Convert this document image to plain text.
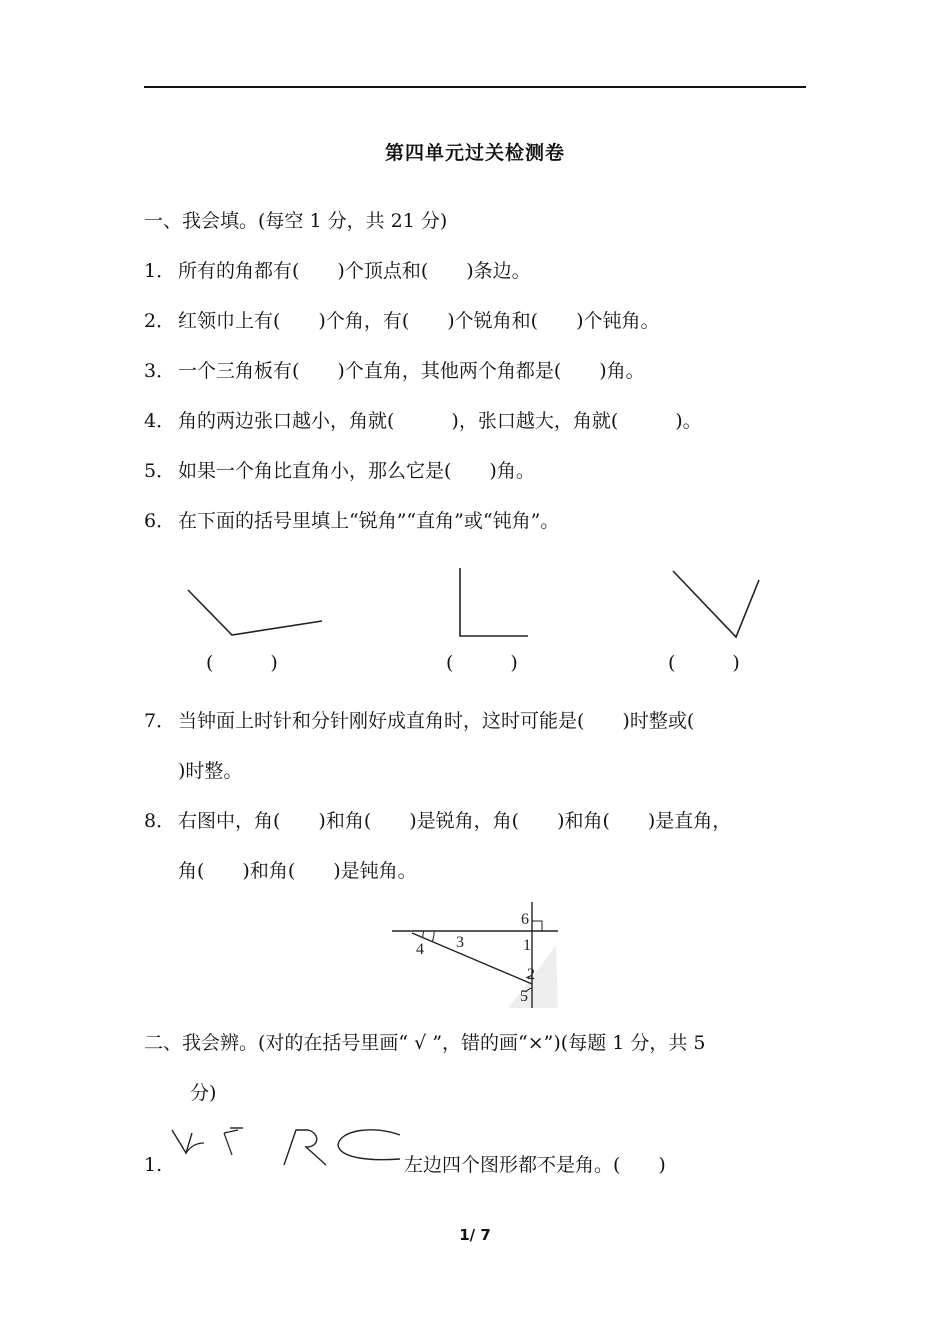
第四单元过关检测卷
一、我会填。(每空 1 分，共 21 分)
1． 所有的角都有(　　)个顶点和(　　)条边。
2． 红领巾上有(　　)个角，有(　　)个锐角和(　　)个钝角。
3． 一个三角板有(　　)个直角，其他两个角都是(　　)角。
4． 角的两边张口越小，角就(　　　)，张口越大，角就(　　　)。
5． 如果一个角比直角小，那么它是(　　)角。
6． 在下面的括号里填上“锐角”“直角”或“钝角”。
(　　　)	(　　　)	(　　　)
7． 当钟面上时针和分针刚好成直角时，这时可能是(　　)时整或(
)时整。
8． 右图中，角(　　)和角(　　)是锐角，角(　　)和角(　　)是直角，
角(　　)和角(　　)是钝角。
6
1
4 3
2
5
二、我会辨。(对的在括号里画“ √ ”，错的画“×”)(每题 1 分，共 5
分)
1.	左边四个图形都不是角。(　　)
1/ 7
